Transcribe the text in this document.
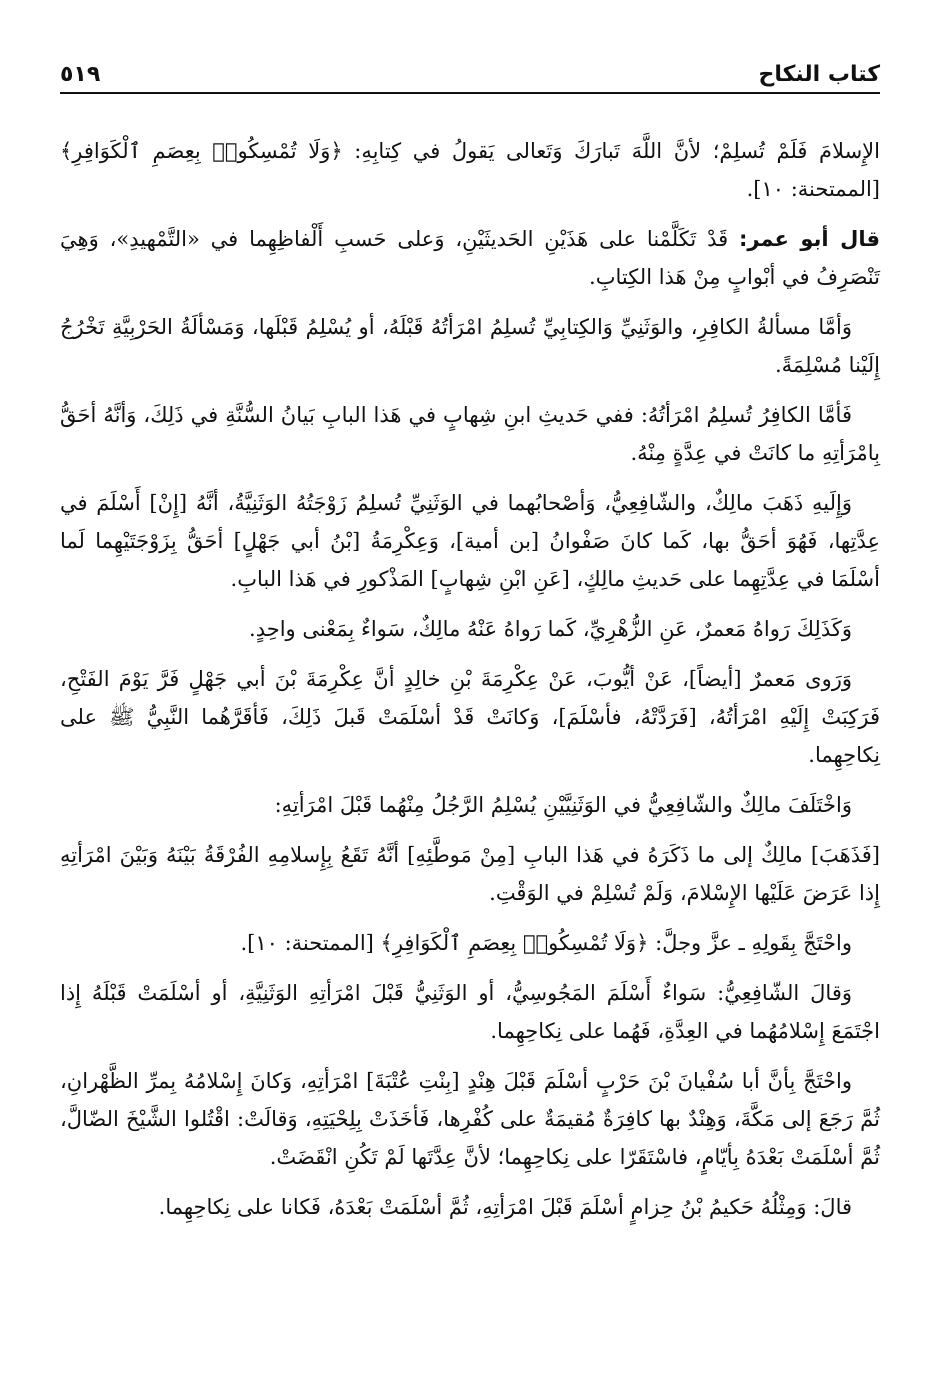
كتاب النكاح
٥١٩

الإِسلامَ فَلَمْ تُسلِمْ؛ لأنَّ اللَّهَ تَبارَكَ وَتَعالى يَقولُ في كِتابِهِ: ﴿وَلَا تُمْسِكُوا۟ بِعِصَمِ ٱلْكَوَافِرِ﴾ [الممتحنة: ١٠].

قال أبو عمر: قَدْ تَكَلَّمْنا على هَذَيْنِ الحَديثَيْنِ، وَعلى حَسبِ أَلْفاظِهِما في «التَّمْهيدِ»، وَهِيَ تَنْصَرِفُ في أبْوابٍ مِنْ هَذا الكِتابِ.

وَأمَّا مسألةُ الكافِرِ، والوَثَنِيِّ وَالكِتابِيِّ تُسلِمُ امْرَأتُهُ قَبْلَهُ، أو يُسْلِمُ قَبْلَها، وَمَسْألَةُ الحَرْبِيَّةِ تَخْرُجُ إِلَيْنا مُسْلِمَةً.

فَأمَّا الكافِرُ تُسلِمُ امْرَأتُهُ: ففي حَديثِ ابنِ شِهابٍ في هَذا البابِ بَيانُ السُّنَّةِ في ذَلِكَ، وَأنَّهُ أحَقُّ بِامْرَأتِهِ ما كانَتْ في عِدَّةٍ مِنْهُ.

وَإِلَيهِ ذَهَبَ مالِكٌ، والشّافِعِيُّ، وَأصْحابُهما في الوَثَنِيِّ تُسلِمُ زَوْجَتُهُ الوَثَنِيَّةُ، أنَّهُ [إِنْ] أَسْلَمَ في عِدَّتِها، فَهُوَ أحَقُّ بها، كَما كانَ صَفْوانُ [بن أمية]، وَعِكْرِمَةُ [بْنُ أبي جَهْلٍ] أحَقُّ بِزَوْجَتَيْهِما لَما أسْلَمَا في عِدَّتِهِما على حَديثِ مالِكٍ، [عَنِ ابْنِ شِهابٍ] المَذْكورِ في هَذا البابِ.

وَكَذَلِكَ رَواهُ مَعمرٌ، عَنِ الزُّهْرِيِّ، كَما رَواهُ عَنْهُ مالِكٌ، سَواءٌ بِمَعْنى واحِدٍ.

وَرَوى مَعمرٌ [أيضاً]، عَنْ أيُّوبَ، عَنْ عِكْرِمَةَ بْنِ خالِدٍ أنَّ عِكْرِمَةَ بْنَ أبي جَهْلٍ فَرَّ يَوْمَ الفَتْحِ، فَرَكِبَتْ إِلَيْهِ امْرَأتُهُ، [فَرَدَّتْهُ، فأسْلَمَ]، وَكانَتْ قَدْ أسْلَمَتْ قَبلَ ذَلِكَ، فَأقَرَّهُما النَّبِيُّ ﷺ على نِكاحِهِما.

وَاخْتَلَفَ مالِكٌ والشّافِعِيُّ في الوَثَنِيَّيْنِ يُسْلِمُ الرَّجُلُ مِنْهُما قَبْلَ امْرَأتِهِ:

[فَذَهَبَ] مالِكٌ إلى ما ذَكَرَهُ في هَذا البابِ [مِنْ مَوطَّئِهِ] أنَّهُ تَقَعُ بِإِسلامِهِ الفُرْقَةُ بَيْنَهُ وَبَيْنَ امْرَأتِهِ إِذا عَرَضَ عَلَيْها الإِسْلامَ، وَلَمْ تُسْلِمْ في الوَقْتِ.

واحْتَجَّ بِقَولِهِ ـ عزَّ وجلَّ: ﴿وَلَا تُمْسِكُوا۟ بِعِصَمِ ٱلْكَوَافِرِ﴾ [الممتحنة: ١٠].

وَقالَ الشّافِعِيُّ: سَواءٌ أَسْلَمَ المَجُوسِيُّ، أو الوَثَنِيُّ قَبْلَ امْرَأتِهِ الوَثَنِيَّةِ، أو أسْلَمَتْ قَبْلَهُ إِذا اجْتَمَعَ إِسْلامُهُما في العِدَّةِ، فَهُما على نِكاحِهِما.

واحْتَجَّ بِأنَّ أبا سُفْيانَ بْنَ حَرْبٍ أسْلَمَ قَبْلَ هِنْدٍ [بِنْتِ عُتْبَةَ] امْرَأتِهِ، وَكانَ إِسْلامُهُ بِمرِّ الظَّهْرانِ، ثُمَّ رَجَعَ إلى مَكَّةَ، وَهِنْدٌ بها كافِرَةٌ مُقيمَةٌ على كُفْرِها، فَأخَذَتْ بِلِحْيَتِهِ، وَقالَتْ: اقْتُلوا الشَّيْخَ الضّالَّ، ثُمَّ أسْلَمَتْ بَعْدَهُ بِأيّامٍ، فاسْتَقَرّا على نِكاحِهِما؛ لأنَّ عِدَّتَها لَمْ تَكُنِ انْقَضَتْ.

قالَ: وَمِثْلُهُ حَكيمُ بْنُ حِزامٍ أسْلَمَ قَبْلَ امْرَأتِهِ، ثُمَّ أسْلَمَتْ بَعْدَهُ، فَكانا على نِكاحِهِما.
